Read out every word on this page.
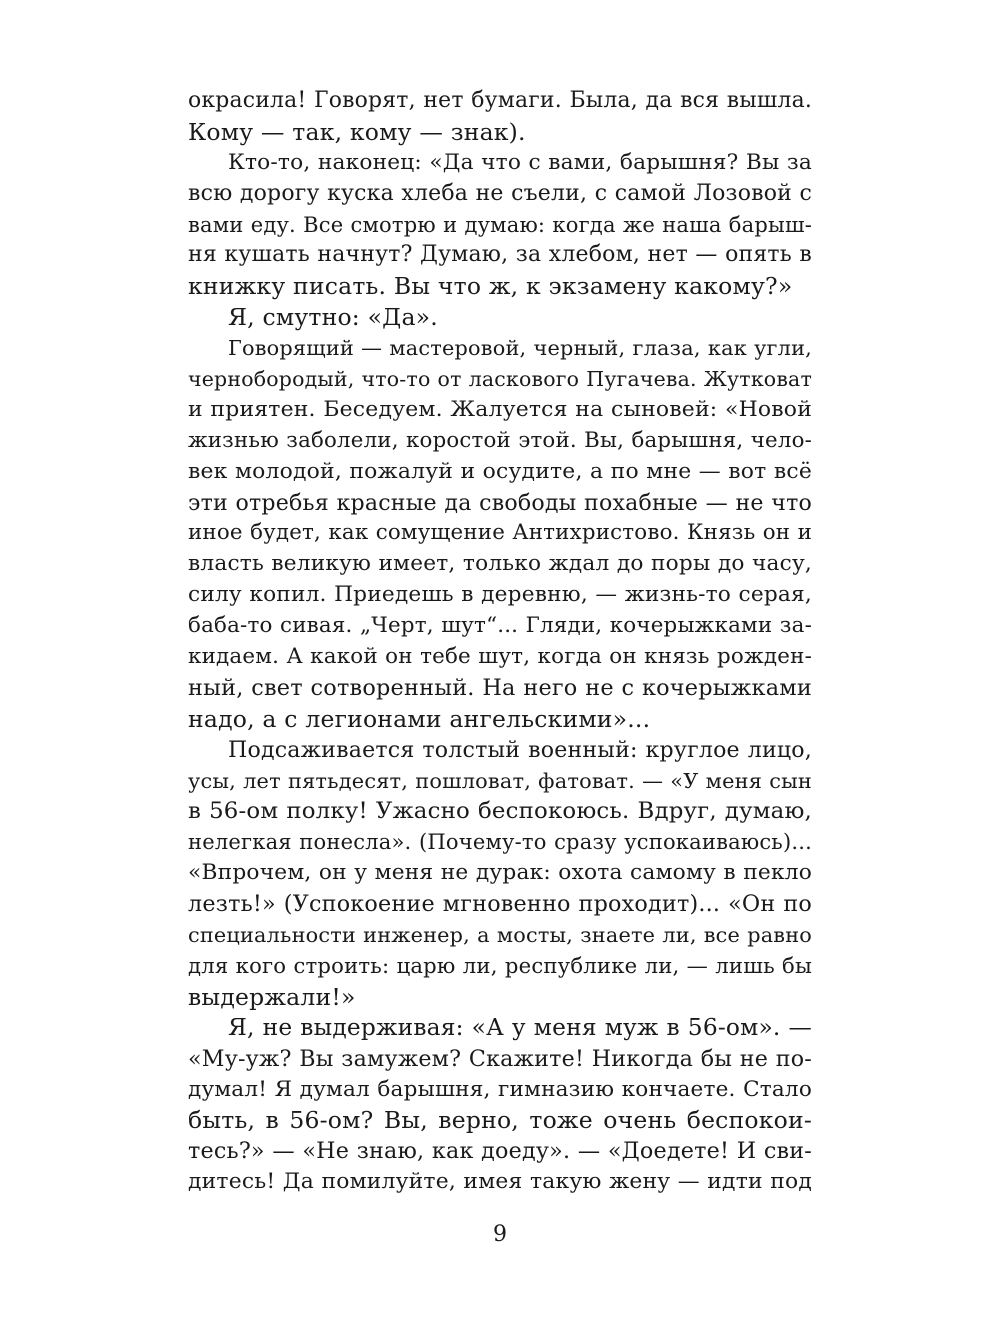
окрасила! Говорят, нет бумаги. Была, да вся вышла.
Кому — так, кому — знак).
Кто-то, наконец: «Да что с вами, барышня? Вы за
всю дорогу куска хлеба не съели, с самой Лозовой с
вами еду. Все смотрю и думаю: когда же наша барыш-
ня кушать начнут? Думаю, за хлебом, нет — опять в
книжку писать. Вы что ж, к экзамену какому?»
Я, смутно: «Да».
Говорящий — мастеровой, черный, глаза, как угли,
чернобородый, что-то от ласкового Пугачева. Жутковат
и приятен. Беседуем. Жалуется на сыновей: «Новой
жизнью заболели, коростой этой. Вы, барышня, чело-
век молодой, пожалуй и осудите, а по мне — вот всё
эти отребья красные да свободы похабные — не что
иное будет, как сомущение Антихристово. Князь он и
власть великую имеет, только ждал до поры до часу,
силу копил. Приедешь в деревню, — жизнь-то серая,
баба-то сивая. „Черт, шут“... Гляди, кочерыжками за-
кидаем. А какой он тебе шут, когда он князь рожден-
ный, свет сотворенный. На него не с кочерыжками
надо, а с легионами ангельскими»...
Подсаживается толстый военный: круглое лицо,
усы, лет пятьдесят, пошловат, фатоват. — «У меня сын
в 56-ом полку! Ужасно беспокоюсь. Вдруг, думаю,
нелегкая понесла». (Почему-то сразу успокаиваюсь)...
«Впрочем, он у меня не дурак: охота самому в пекло
лезть!» (Успокоение мгновенно проходит)... «Он по
специальности инженер, а мосты, знаете ли, все равно
для кого строить: царю ли, республике ли, — лишь бы
выдержали!»
Я, не выдерживая: «А у меня муж в 56-ом». —
«Му-уж? Вы замужем? Скажите! Никогда бы не по-
думал! Я думал барышня, гимназию кончаете. Стало
быть, в 56-ом? Вы, верно, тоже очень беспокои-
тесь?» — «Не знаю, как доеду». — «Доедете! И сви-
дитесь! Да помилуйте, имея такую жену — идти под
9
